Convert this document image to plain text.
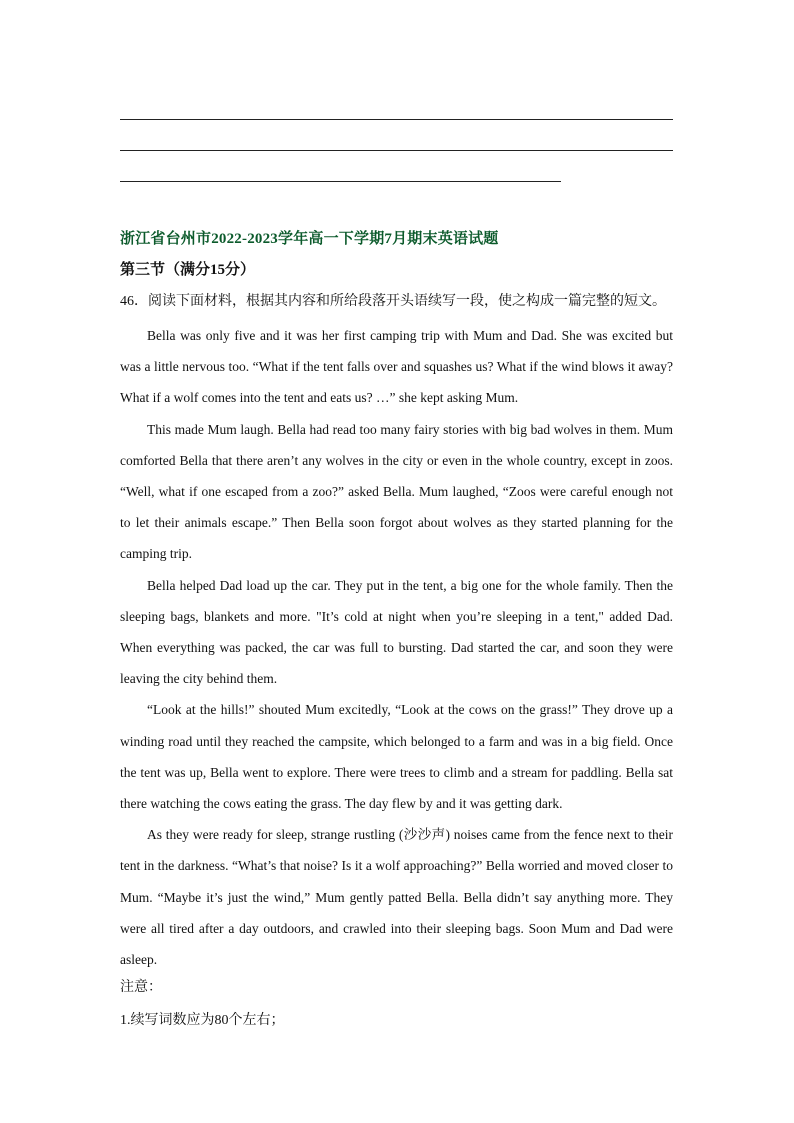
浙江省台州市2022-2023学年高一下学期7月期末英语试题
第三节（满分15分）
46．阅读下面材料，根据其内容和所给段落开头语续写一段，使之构成一篇完整的短文。

Bella was only five and it was her first camping trip with Mum and Dad. She was excited but was a little nervous too. “What if the tent falls over and squashes us? What if the wind blows it away? What if a wolf comes into the tent and eats us? …” she kept asking Mum.

This made Mum laugh. Bella had read too many fairy stories with big bad wolves in them. Mum comforted Bella that there aren’t any wolves in the city or even in the whole country, except in zoos. “Well, what if one escaped from a zoo?” asked Bella. Mum laughed, “Zoos were careful enough not to let their animals escape.” Then Bella soon forgot about wolves as they started planning for the camping trip.

Bella helped Dad load up the car. They put in the tent, a big one for the whole family. Then the sleeping bags, blankets and more. "It’s cold at night when you’re sleeping in a tent," added Dad. When everything was packed, the car was full to bursting. Dad started the car, and soon they were leaving the city behind them.

“Look at the hills!” shouted Mum excitedly, “Look at the cows on the grass!” They drove up a winding road until they reached the campsite, which belonged to a farm and was in a big field. Once the tent was up, Bella went to explore. There were trees to climb and a stream for paddling. Bella sat there watching the cows eating the grass. The day flew by and it was getting dark.

As they were ready for sleep, strange rustling (沙沙声) noises came from the fence next to their tent in the darkness. “What’s that noise? Is it a wolf approaching?” Bella worried and moved closer to Mum. “Maybe it’s just the wind,” Mum gently patted Bella. Bella didn’t say anything more. They were all tired after a day outdoors, and crawled into their sleeping bags. Soon Mum and Dad were asleep.

注意：
1.续写词数应为80个左右；
